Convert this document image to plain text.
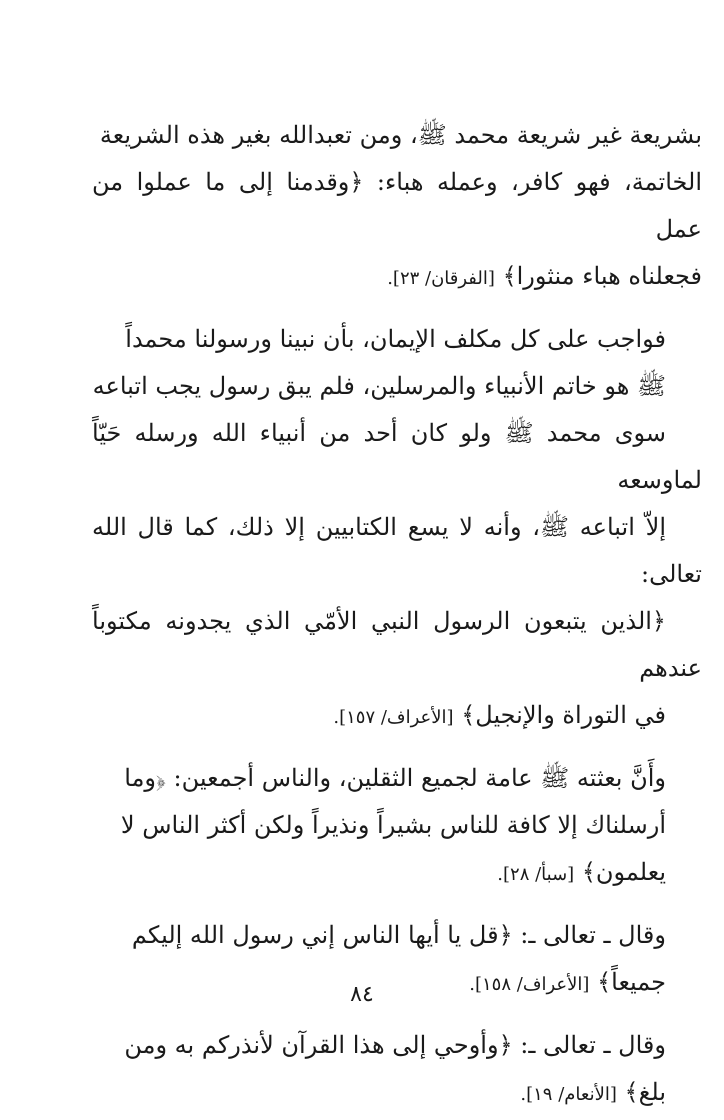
بشريعة غير شريعة محمد ﷺ، ومن تعبدالله بغير هذه الشريعة
الخاتمة، فهو كافر، وعمله هباء: ﴿وقدمنا إلى ما عملوا من عمل
فجعلناه هباء منثورا﴾ [الفرقان/ ٢٣].

فواجب على كل مكلف الإيمان، بأن نبينا ورسولنا محمداً
ﷺ هو خاتم الأنبياء والمرسلين، فلم يبق رسول يجب اتباعه
سوى محمد ﷺ ولو كان أحد من أنبياء الله ورسله حَيّاً لماوسعه
إلاّ اتباعه ﷺ، وأنه لا يسع الكتابيين إلا ذلك، كما قال الله تعالى:
﴿الذين يتبعون الرسول النبي الأمّي الذي يجدونه مكتوباً عندهم
في التوراة والإنجيل﴾ [الأعراف/ ١٥٧].

وأَنَّ بعثته ﷺ عامة لجميع الثقلين، والناس أجمعين: ﴿وما
أرسلناك إلا كافة للناس بشيراً ونذيراً ولكن أكثر الناس لا
يعلمون﴾ [سبأ/ ٢٨].

وقال ـ تعالى ـ: ﴿قل يا أيها الناس إني رسول الله إليكم
جميعاً﴾ [الأعراف/ ١٥٨].

وقال ـ تعالى ـ: ﴿وأوحي إلى هذا القرآن لأنذركم به ومن
بلغ﴾ [الأنعام/ ١٩].

٨٤
